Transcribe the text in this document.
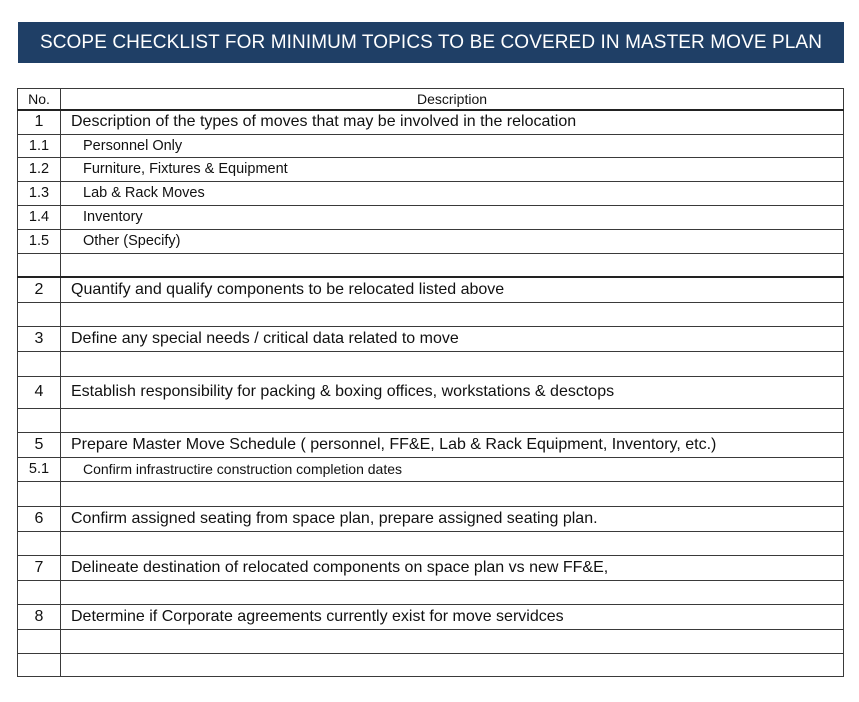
SCOPE CHECKLIST FOR MINIMUM TOPICS TO BE COVERED IN MASTER MOVE PLAN
No.	Description
1	Description of the types of moves that may be involved in the relocation
1.1	Personnel Only
1.2	Furniture, Fixtures & Equipment
1.3	Lab & Rack Moves
1.4	Inventory
1.5	Other (Specify)

2	Quantify and qualify components to be relocated listed above

3	Define any special needs / critical data related to move

4	Establish responsibility for packing & boxing offices, workstations & desctops

5	Prepare Master Move Schedule ( personnel, FF&E, Lab & Rack Equipment, Inventory, etc.)
5.1	Confirm infrastructire construction completion dates

6	Confirm assigned seating from space plan, prepare assigned seating plan.

7	Delineate destination of relocated components on space plan vs new FF&E,

8	Determine if Corporate agreements currently exist for move servidces
